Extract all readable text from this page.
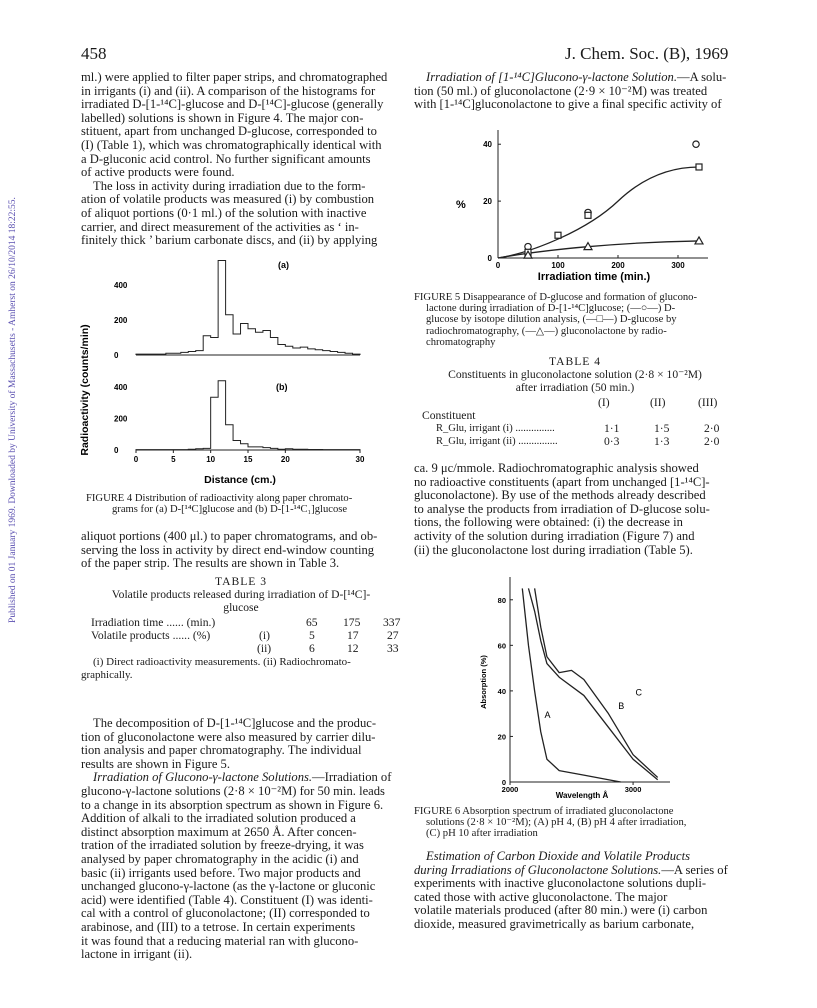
Published on 01 January 1969. Downloaded by University of Massachusetts - Amherst on 26/10/2014 18:22:55.
458	J. Chem. Soc. (B), 1969
ml.) were applied to filter paper strips, and chromatographed
in irrigants (i) and (ii). A comparison of the histograms for
irradiated D-[1-¹⁴C]-glucose and D-[¹⁴C]-glucose (generally
labelled) solutions is shown in Figure 4. The major con-
stituent, apart from unchanged D-glucose, corresponded to
(I) (Table 1), which was chromatographically identical with
a D-gluconic acid control. No further significant amounts
of active products were found.
The loss in activity during irradiation due to the form-
ation of volatile products was measured (i) by combustion
of aliquot portions (0·1 ml.) of the solution with inactive
carrier, and direct measurement of the activities as ‘ in-
finitely thick ’ barium carbonate discs, and (ii) by applying
Radioactivity (counts/min)	0
200
400
(a)
0
200
400	(b)
0	5	10	15	20	30
Distance (cm.)
FIGURE 4 Distribution of radioactivity along paper chromato-
grams for (a) D-[¹⁴C]glucose and (b) D-[1-¹⁴C₁]glucose
aliquot portions (400 μl.) to paper chromatograms, and ob-
serving the loss in activity by direct end-window counting
of the paper strip. The results are shown in Table 3.
TABLE 3
Volatile products released during irradiation of D-[¹⁴C]-
glucose
Irradiation time ...... (min.)	65 175 337
Volatile products ...... (%)	(i)	5	17 27
(ii)	6	12 33
(i) Direct radioactivity measurements. (ii) Radiochromato-
graphically.
The decomposition of D-[1-¹⁴C]glucose and the produc-
tion of gluconolactone were also measured by carrier dilu-
tion analysis and paper chromatography. The individual
results are shown in Figure 5.
Irradiation of Glucono-γ-lactone Solutions.—Irradiation of
glucono-γ-lactone solutions (2·8 × 10⁻²M) for 50 min. leads
to a change in its absorption spectrum as shown in Figure 6.
Addition of alkali to the irradiated solution produced a
distinct absorption maximum at 2650 Å. After concen-
tration of the irradiated solution by freeze-drying, it was
analysed by paper chromatography in the acidic (i) and
basic (ii) irrigants used before. Two major products and
unchanged glucono-γ-lactone (as the γ-lactone or gluconic
acid) were identified (Table 4). Constituent (I) was identi-
cal with a control of gluconolactone; (II) corresponded to
arabinose, and (III) to a tetrose. In certain experiments
it was found that a reducing material ran with glucono-
lactone in irrigant (ii).
Irradiation of [1-¹⁴C]Glucono-γ-lactone Solution.—A solu-
tion (50 ml.) of gluconolactone (2·9 × 10⁻²M) was treated
with [1-¹⁴C]gluconolactone to give a final specific activity of
%
0	100	200	300
0
20
40
Irradiation time (min.)
FIGURE 5 Disappearance of D-glucose and formation of glucono-
lactone during irradiation of D-[1-¹⁴C]glucose; (—○—) D-
glucose by isotope dilution analysis, (—□—) D-glucose by
radiochromatography, (—△—) gluconolactone by radio-
chromatography
TABLE 4
Constituents in gluconolactone solution (2·8 × 10⁻²M)
after irradiation (50 min.)
(I)	(II)	(III)
Constituent
R_Glu, irrigant (i) ...............	1·1	1·5	2·0
R_Glu, irrigant (ii) ...............	0·3	1·3	2·0
ca. 9 μc/mmole. Radiochromatographic analysis showed
no radioactive constituents (apart from unchanged [1-¹⁴C]-
gluconolactone). By use of the methods already described
to analyse the products from irradiation of D-glucose solu-
tions, the following were obtained: (i) the decrease in
activity of the solution during irradiation (Figure 7) and
(ii) the gluconolactone lost during irradiation (Table 5).
Absorption (%)
2000	3000
0
20
40
60
80
A
B
C
Wavelength Å
FIGURE 6 Absorption spectrum of irradiated gluconolactone
solutions (2·8 × 10⁻²M); (A) pH 4, (B) pH 4 after irradiation,
(C) pH 10 after irradiation
Estimation of Carbon Dioxide and Volatile Products
during Irradiations of Gluconolactone Solutions.—A series of
experiments with inactive gluconolactone solutions dupli-
cated those with active gluconolactone. The major
volatile materials produced (after 80 min.) were (i) carbon
dioxide, measured gravimetrically as barium carbonate,
